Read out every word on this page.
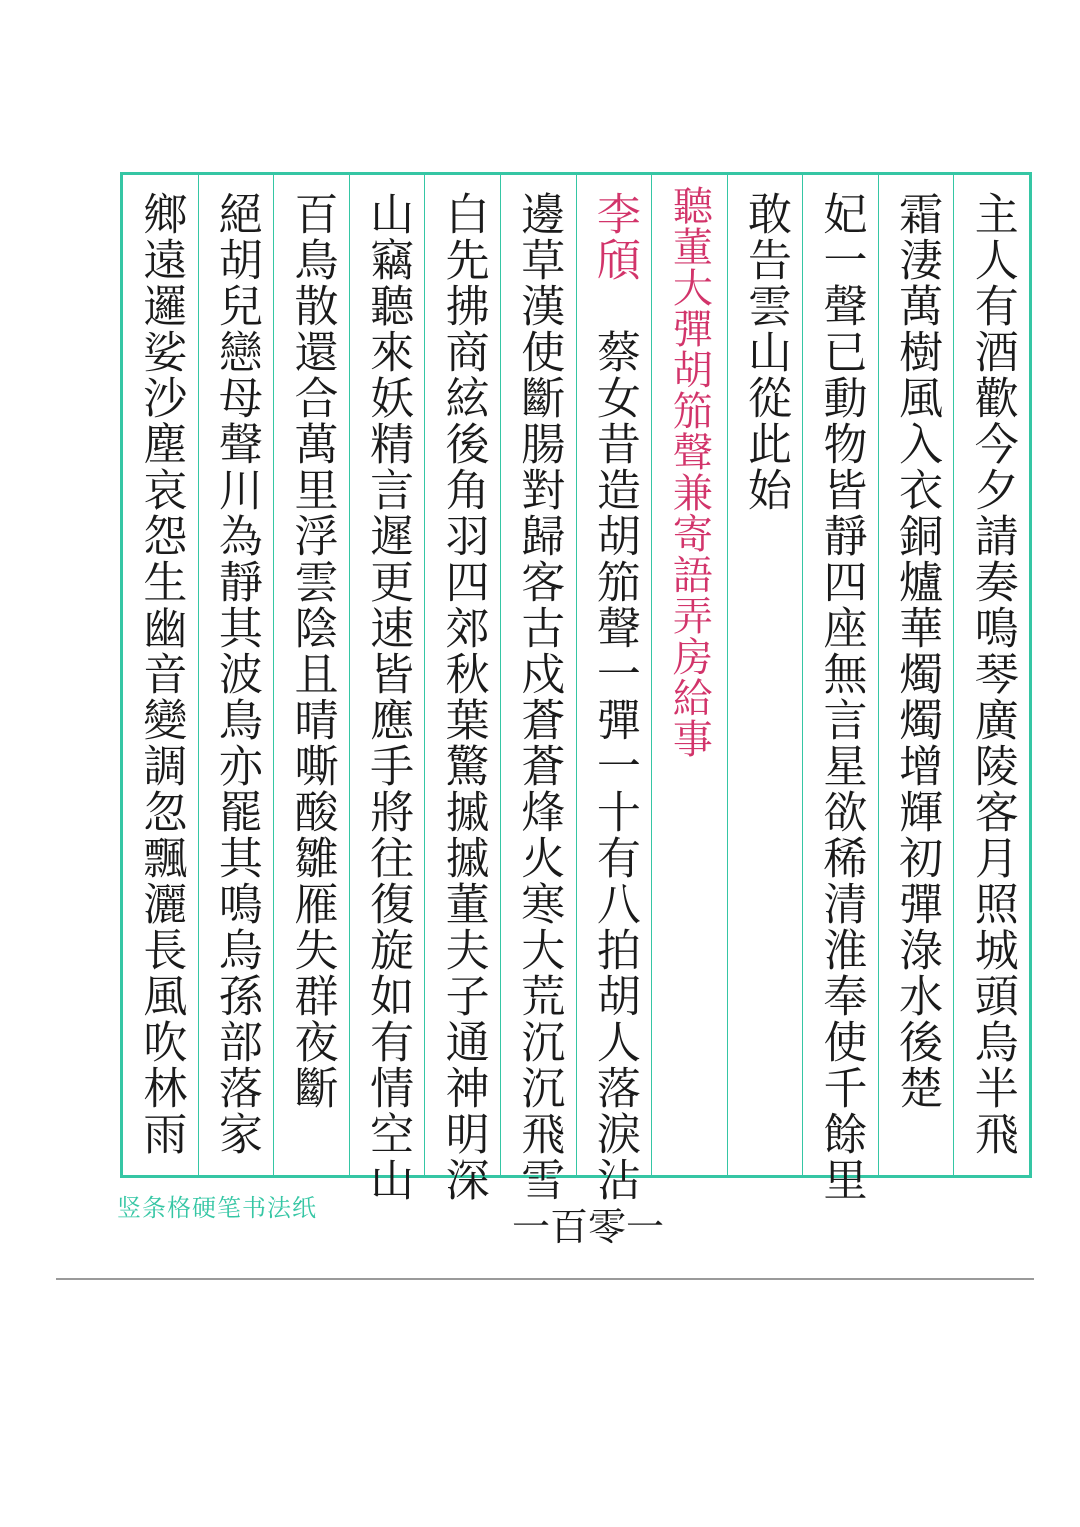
主人有酒歡今夕請奏鳴琴廣陵客月照城頭烏半飛
霜淒萬樹風入衣銅爐華燭燭增輝初彈淥水後楚
妃一聲已動物皆靜四座無言星欲稀清淮奉使千餘里
敢告雲山從此始
聽董大彈胡笳聲兼寄語弄房給事
李頎　蔡女昔造胡笳聲一彈一十有八拍胡人落淚沾
邊草漢使斷腸對歸客古戍蒼蒼烽火寒大荒沉沉飛雪
白先拂商絃後角羽四郊秋葉驚摵摵董夫子通神明深
山竊聽來妖精言遲更速皆應手將往復旋如有情空山
百鳥散還合萬里浮雲陰且晴嘶酸雛雁失群夜斷
絕胡兒戀母聲川為靜其波鳥亦罷其鳴烏孫部落家
鄉遠邏娑沙塵哀怨生幽音變調忽飄灑長風吹林雨
竖条格硬笔书法纸	一百零一
